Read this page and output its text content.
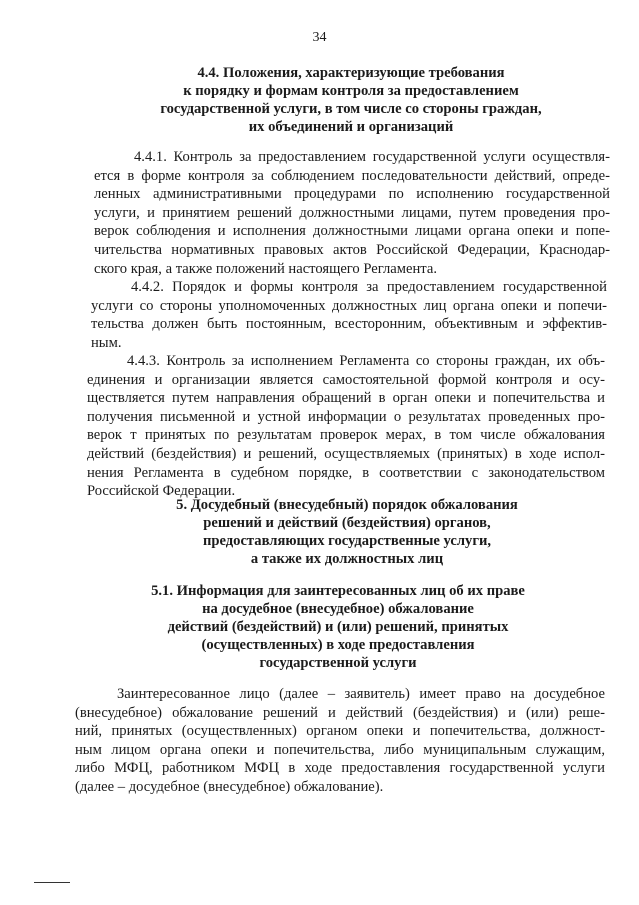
34
4.4. Положения, характеризующие требования
к порядку и формам контроля за предоставлением
государственной услуги, в том числе со стороны граждан,
их объединений и организаций
4.4.1. Контроль за предоставлением государственной услуги осуществля-
ется в форме контроля за соблюдением последовательности действий, опреде-
ленных административными процедурами по исполнению государственной
услуги, и принятием решений должностными лицами, путем проведения про-
верок соблюдения и исполнения должностными лицами органа опеки и попе-
чительства нормативных правовых актов Российской Федерации, Краснодар-
ского края, а также положений настоящего Регламента.
4.4.2. Порядок и формы контроля за предоставлением государственной
услуги со стороны уполномоченных должностных лиц органа опеки и попечи-
тельства должен быть постоянным, всесторонним, объективным и эффектив-
ным.
4.4.3. Контроль за исполнением Регламента со стороны граждан, их объ-
единения и организации является самостоятельной формой контроля и осу-
ществляется путем направления обращений в орган опеки и попечительства и
получения письменной и устной информации о результатах проведенных про-
верок т принятых по результатам проверок мерах, в том числе обжалования
действий (бездействия) и решений, осуществляемых (принятых) в ходе испол-
нения Регламента в судебном порядке, в соответствии с законодательством
Российской Федерации.
5. Досудебный (внесудебный) порядок обжалования
решений и действий (бездействия) органов,
предоставляющих государственные услуги,
а также их должностных лиц
5.1. Информация для заинтересованных лиц об их праве
на досудебное (внесудебное) обжалование
действий (бездействий) и (или) решений, принятых
(осуществленных) в ходе предоставления
государственной услуги
Заинтересованное лицо (далее – заявитель) имеет право на досудебное
(внесудебное) обжалование решений и действий (бездействия) и (или) реше-
ний, принятых (осуществленных) органом опеки и попечительства, должност-
ным лицом органа опеки и попечительства, либо муниципальным служащим,
либо МФЦ, работником МФЦ в ходе предоставления государственной услуги
(далее – досудебное (внесудебное) обжалование).
